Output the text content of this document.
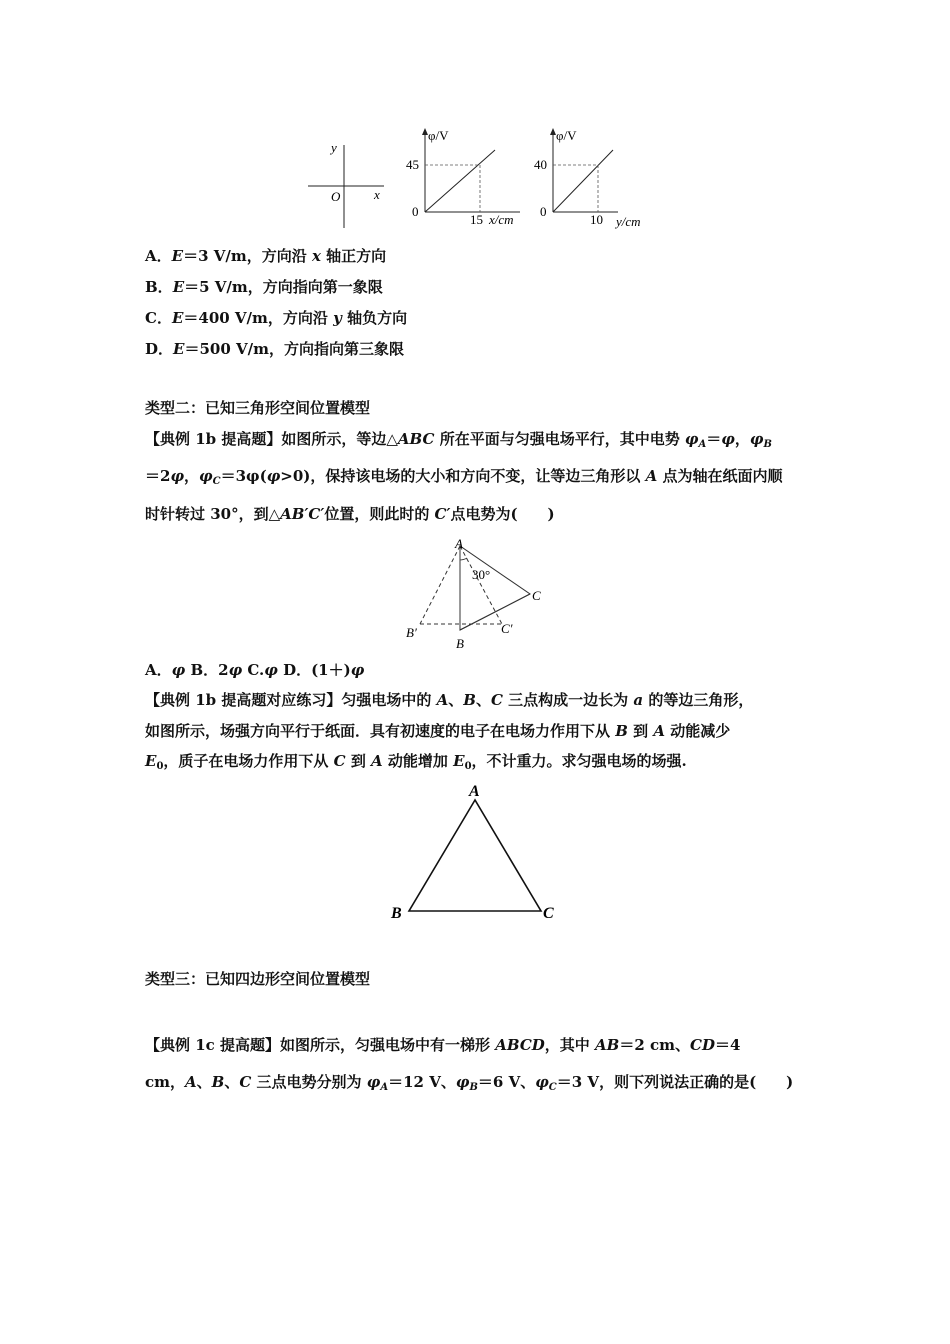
y
O	x
φ/V
45
0
15 x/cm
φ/V
40
0
10 y/cm
A．E＝3 V/m，方向沿 x 轴正方向
B．E＝5 V/m，方向指向第一象限
C．E＝400 V/m，方向沿 y 轴负方向
D．E＝500 V/m，方向指向第三象限
类型二：已知三角形空间位置模型
【典例 1b 提高题】如图所示，等边△ABC 所在平面与匀强电场平行，其中电势 $\varphi_A=\varphi$，$\varphi_B$
＝2φ，$\varphi_C=3\varphi(\varphi>0)$，保持该电场的大小和方向不变，让等边三角形以 A 点为轴在纸面内顺
时针转过 30°，到△AB′C′位置，则此时的 C′点电势为(　　)
A
30°
C
B′	C′
B
A．φ B．2φ C.φ D．(1＋)φ
【典例 1b 提高题对应练习】匀强电场中的 A、B、C 三点构成一边长为 a 的等边三角形，
如图所示，场强方向平行于纸面．具有初速度的电子在电场力作用下从 B 到 A 动能减少
$E_0$，质子在电场力作用下从 C 到 A 动能增加 $E_0$，不计重力。求匀强电场的场强.
A
B	C
类型三：已知四边形空间位置模型
【典例 1c 提高题】如图所示，匀强电场中有一梯形 ABCD，其中 AB＝2 cm、CD＝4
cm，A、B、C 三点电势分别为 $\varphi_A=12$ V、$\varphi_B=6$ V、$\varphi_C=3$ V，则下列说法正确的是(　　)
